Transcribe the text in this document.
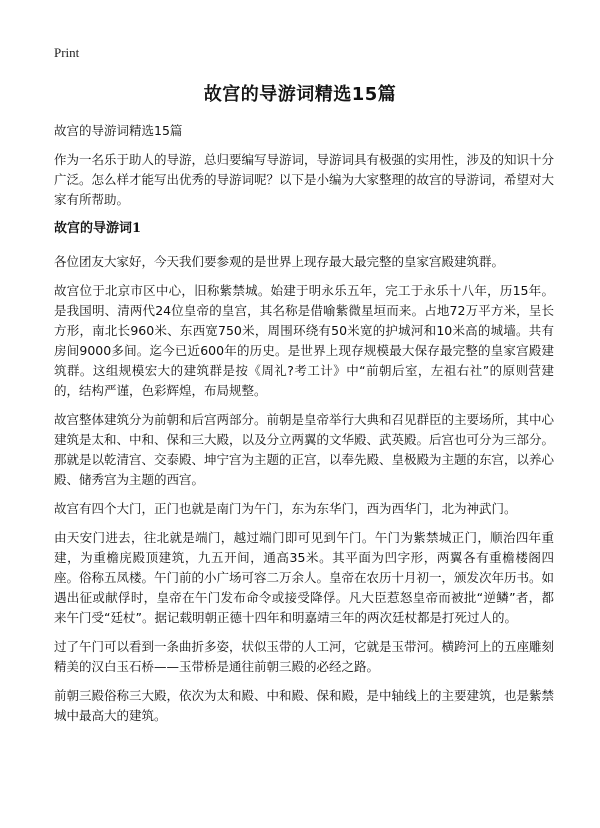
Print
故宫的导游词精选15篇
故宫的导游词精选15篇

作为一名乐于助人的导游，总归要编写导游词，导游词具有极强的实用性，涉及的知识十分广泛。怎么样才能写出优秀的导游词呢？以下是小编为大家整理的故宫的导游词，希望对大家有所帮助。

故宫的导游词1

各位团友大家好，今天我们要参观的是世界上现存最大最完整的皇家宫殿建筑群。

故宫位于北京市区中心，旧称紫禁城。始建于明永乐五年，完工于永乐十八年，历15年。是我国明、清两代24位皇帝的皇宫，其名称是借喻紫微星垣而来。占地72万平方米，呈长方形，南北长960米、东西宽750米，周围环绕有50米宽的护城河和10米高的城墙。共有房间9000多间。迄今已近600年的历史。是世界上现存规模最大保存最完整的皇家宫殿建筑群。这组规模宏大的建筑群是按《周礼?考工计》中“前朝后室，左祖右社”的原则营建的，结构严谨，色彩辉煌，布局规整。

故宫整体建筑分为前朝和后宫两部分。前朝是皇帝举行大典和召见群臣的主要场所，其中心建筑是太和、中和、保和三大殿，以及分立两翼的文华殿、武英殿。后宫也可分为三部分。那就是以乾清宫、交泰殿、坤宁宫为主题的正宫，以奉先殿、皇极殿为主题的东宫，以养心殿、储秀宫为主题的西宫。

故宫有四个大门，正门也就是南门为午门，东为东华门，西为西华门，北为神武门。

由天安门进去，往北就是端门，越过端门即可见到午门。午门为紫禁城正门，顺治四年重建，为重檐庑殿顶建筑，九五开间，通高35米。其平面为凹字形，两翼各有重檐楼阁四座。俗称五凤楼。午门前的小广场可容二万余人。皇帝在农历十月初一，颁发次年历书。如遇出征或献俘时，皇帝在午门发布命令或接受降俘。凡大臣惹怒皇帝而被批“逆鳞”者，都来午门受“廷杖”。据记载明朝正德十四年和明嘉靖三年的两次廷杖都是打死过人的。

过了午门可以看到一条曲折多姿，状似玉带的人工河，它就是玉带河。横跨河上的五座雕刻精美的汉白玉石桥——玉带桥是通往前朝三殿的必经之路。

前朝三殿俗称三大殿，依次为太和殿、中和殿、保和殿，是中轴线上的主要建筑，也是紫禁城中最高大的建筑。
